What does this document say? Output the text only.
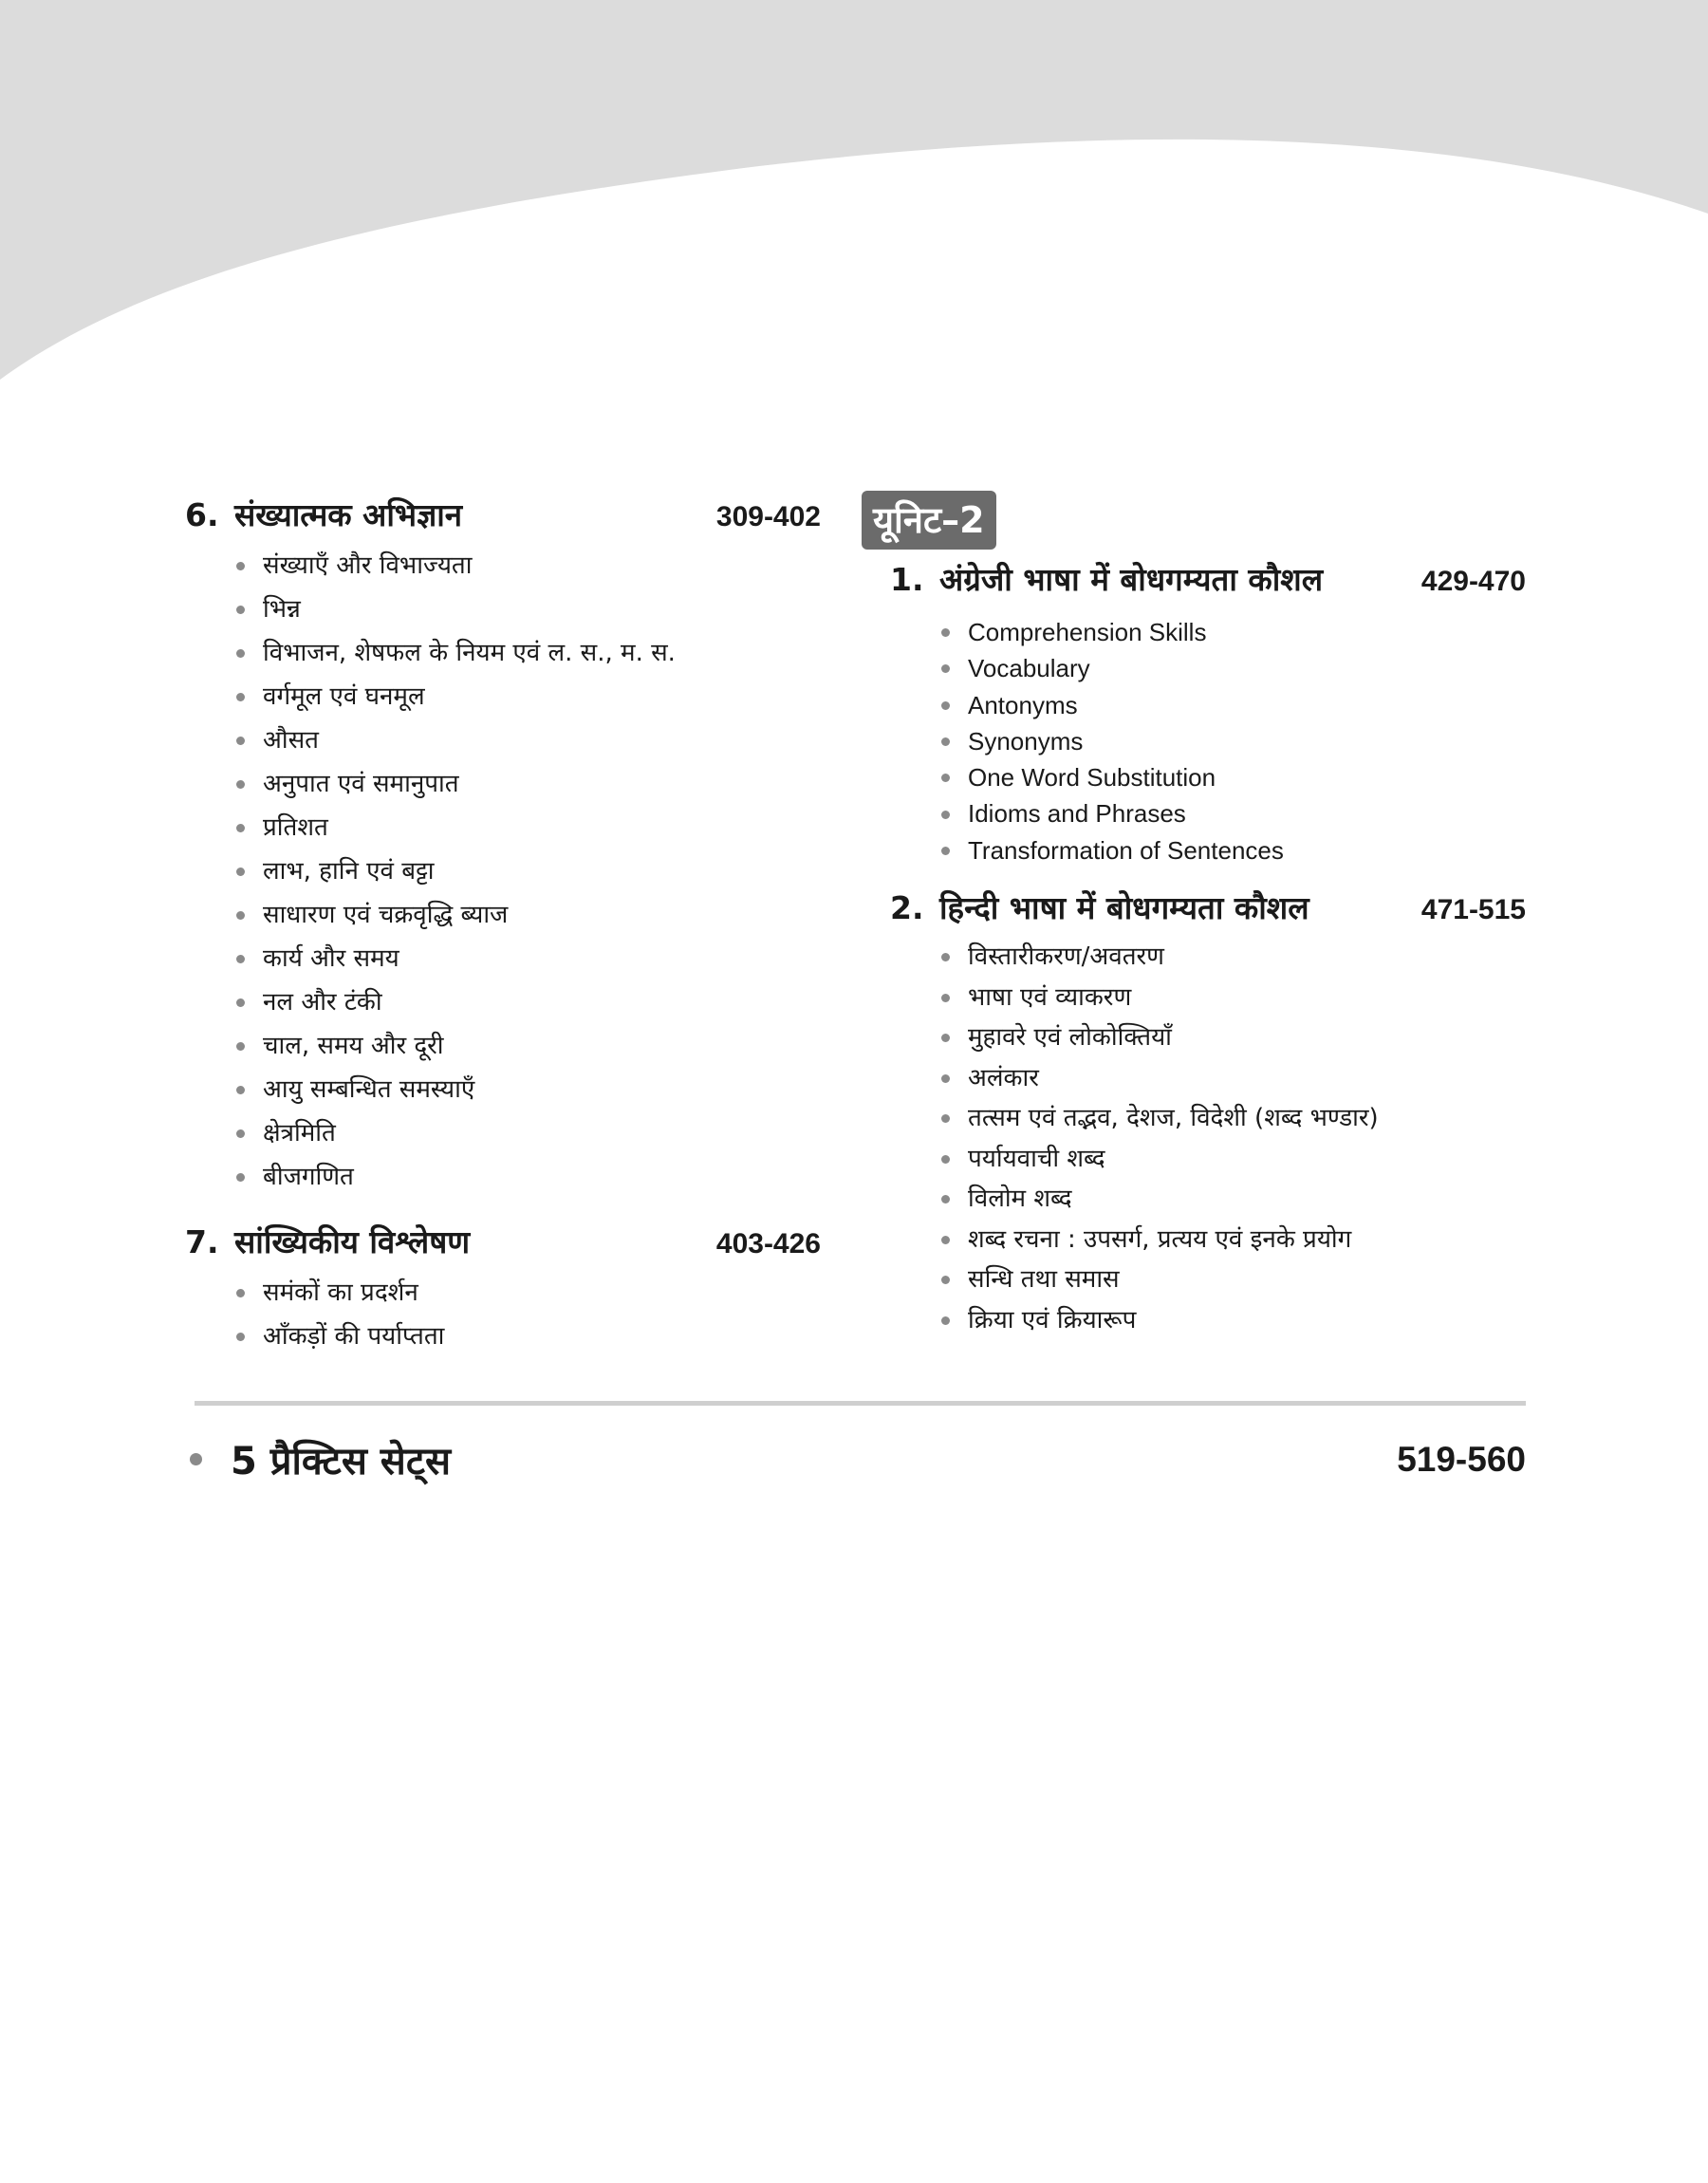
6. संख्यात्मक अभिज्ञान	309-402
संख्याएँ और विभाज्यता
भिन्न
विभाजन, शेषफल के नियम एवं ल. स., म. स.
वर्गमूल एवं घनमूल
औसत
अनुपात एवं समानुपात
प्रतिशत
लाभ, हानि एवं बट्टा
साधारण एवं चक्रवृद्धि ब्याज
कार्य और समय
नल और टंकी
चाल, समय और दूरी
आयु सम्बन्धित समस्याएँ
क्षेत्रमिति
बीजगणित
7. सांख्यिकीय विश्लेषण	403-426
समंकों का प्रदर्शन
आँकड़ों की पर्याप्तता
यूनिट–2
1. अंग्रेजी भाषा में बोधगम्यता कौशल	429-470
Comprehension Skills
Vocabulary
Antonyms
Synonyms
One Word Substitution
Idioms and Phrases
Transformation of Sentences
2. हिन्दी भाषा में बोधगम्यता कौशल	471-515
विस्तारीकरण/अवतरण
भाषा एवं व्याकरण
मुहावरे एवं लोकोक्तियाँ
अलंकार
तत्सम एवं तद्भव, देशज, विदेशी (शब्द भण्डार)
पर्यायवाची शब्द
विलोम शब्द
शब्द रचना : उपसर्ग, प्रत्यय एवं इनके प्रयोग
सन्धि तथा समास
क्रिया एवं क्रियारूप
5 प्रैक्टिस सेट्स	519-560
